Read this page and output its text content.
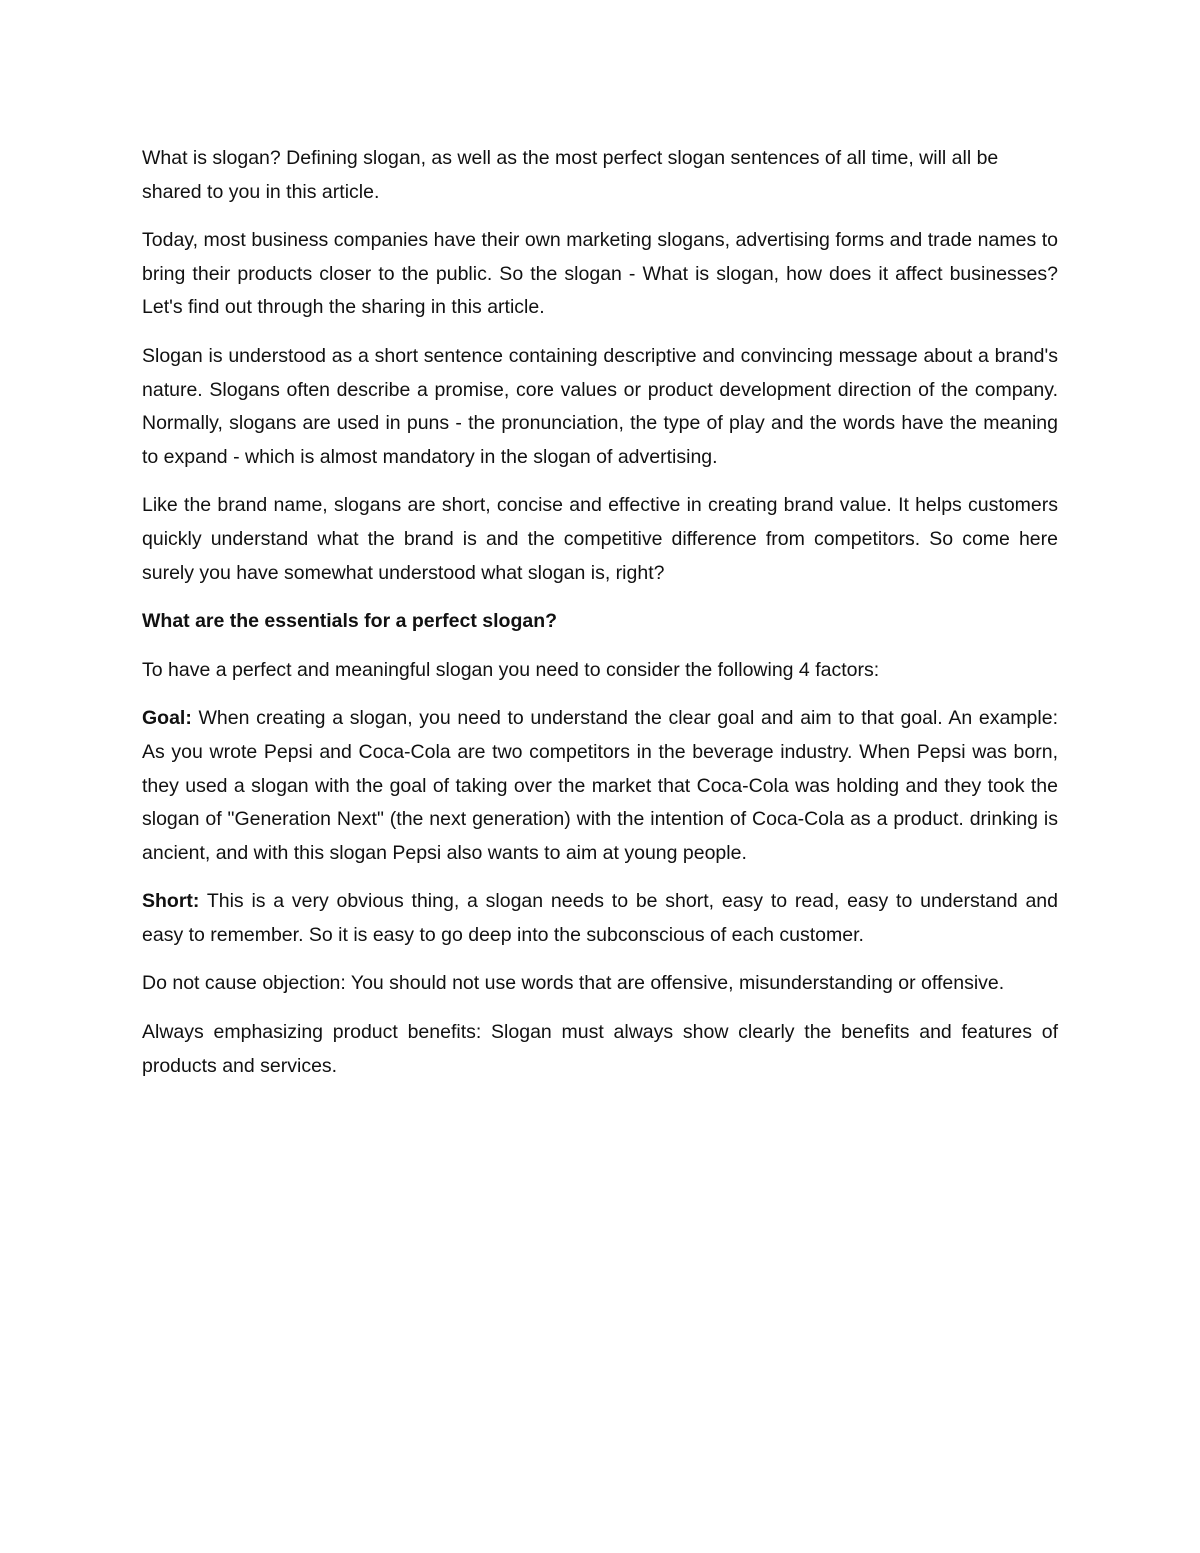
What is slogan? Defining slogan, as well as the most perfect slogan sentences of all time, will all be shared to you in this article.

Today, most business companies have their own marketing slogans, advertising forms and trade names to bring their products closer to the public. So the slogan - What is slogan, how does it affect businesses? Let's find out through the sharing in this article.

Slogan is understood as a short sentence containing descriptive and convincing message about a brand's nature. Slogans often describe a promise, core values or product development direction of the company. Normally, slogans are used in puns - the pronunciation, the type of play and the words have the meaning to expand - which is almost mandatory in the slogan of advertising.

Like the brand name, slogans are short, concise and effective in creating brand value. It helps customers quickly understand what the brand is and the competitive difference from competitors. So come here surely you have somewhat understood what slogan is, right?

What are the essentials for a perfect slogan?

To have a perfect and meaningful slogan you need to consider the following 4 factors:

Goal: When creating a slogan, you need to understand the clear goal and aim to that goal. An example: As you wrote Pepsi and Coca-Cola are two competitors in the beverage industry. When Pepsi was born, they used a slogan with the goal of taking over the market that Coca-Cola was holding and they took the slogan of "Generation Next" (the next generation) with the intention of Coca-Cola as a product. drinking is ancient, and with this slogan Pepsi also wants to aim at young people.

Short: This is a very obvious thing, a slogan needs to be short, easy to read, easy to understand and easy to remember. So it is easy to go deep into the subconscious of each customer.

Do not cause objection: You should not use words that are offensive, misunderstanding or offensive.

Always emphasizing product benefits: Slogan must always show clearly the benefits and features of products and services.
